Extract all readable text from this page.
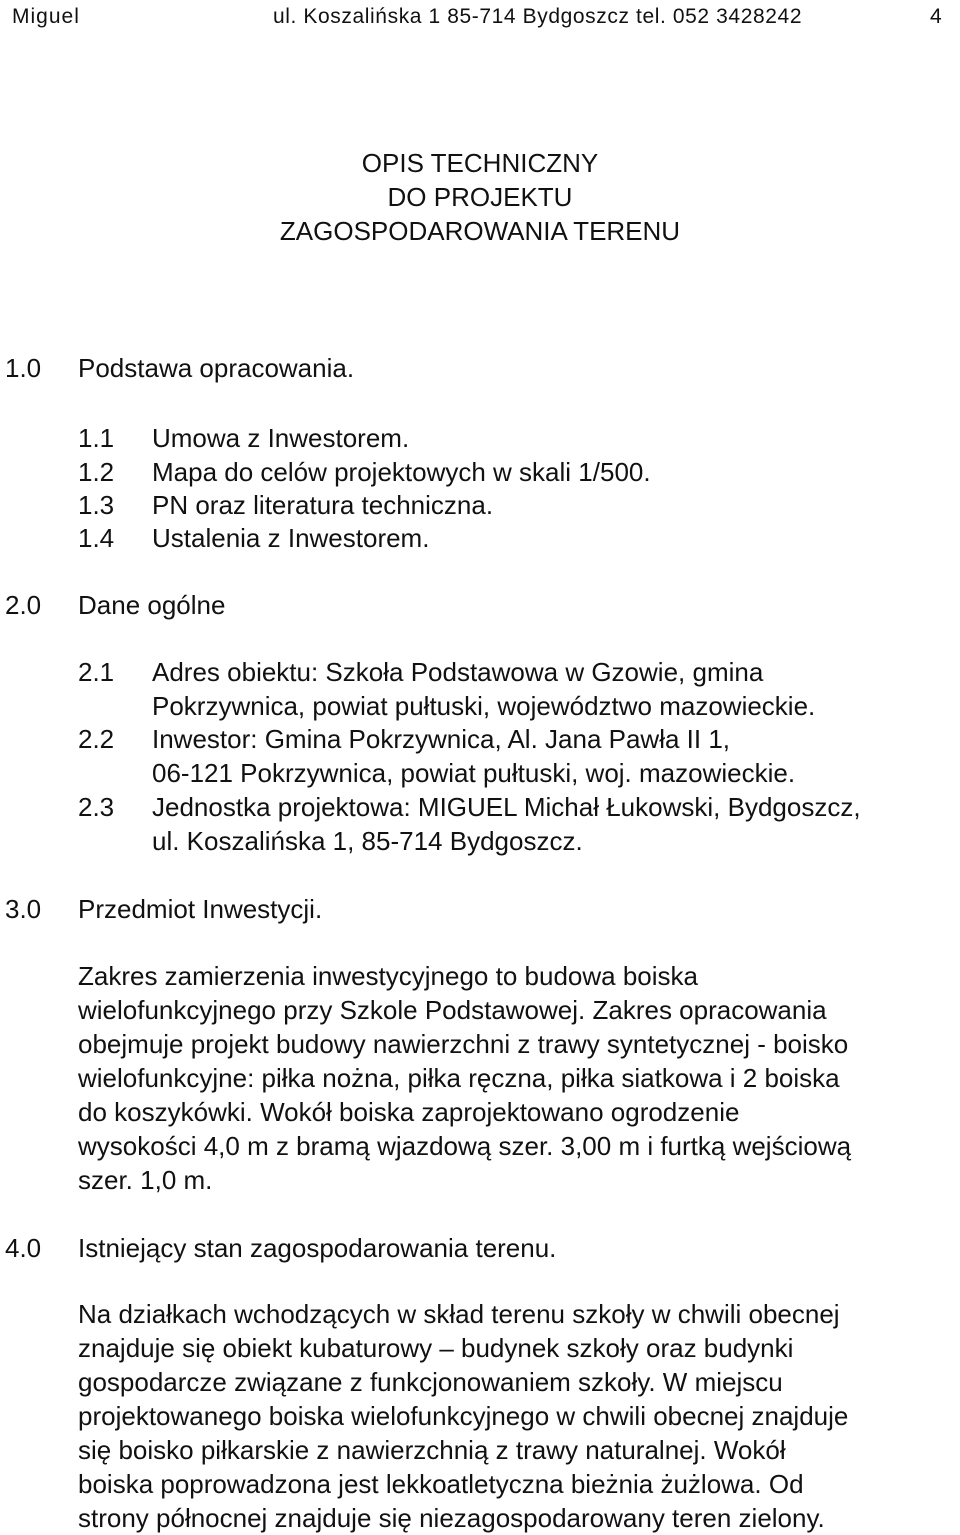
Miguel	ul. Koszalińska 1 85-714 Bydgoszcz tel. 052 3428242	4
OPIS TECHNICZNY
DO PROJEKTU
ZAGOSPODAROWANIA TERENU
1.0 Podstawa opracowania.
1.1 Umowa z Inwestorem.
1.2 Mapa do celów projektowych w skali 1/500.
1.3 PN oraz literatura techniczna.
1.4 Ustalenia z Inwestorem.
2.0 Dane ogólne
2.1 Adres obiektu: Szkoła Podstawowa w Gzowie, gmina
Pokrzywnica, powiat pułtuski, województwo mazowieckie.
2.2 Inwestor: Gmina Pokrzywnica, Al. Jana Pawła II 1,
06-121 Pokrzywnica, powiat pułtuski, woj. mazowieckie.
2.3 Jednostka projektowa: MIGUEL Michał Łukowski, Bydgoszcz,
ul. Koszalińska 1, 85-714 Bydgoszcz.
3.0 Przedmiot Inwestycji.
Zakres zamierzenia inwestycyjnego to budowa boiska
wielofunkcyjnego przy Szkole Podstawowej. Zakres opracowania
obejmuje projekt budowy nawierzchni z trawy syntetycznej - boisko
wielofunkcyjne: piłka nożna, piłka ręczna, piłka siatkowa i 2 boiska
do koszykówki. Wokół boiska zaprojektowano ogrodzenie
wysokości 4,0 m z bramą wjazdową szer. 3,00 m i furtką wejściową
szer. 1,0 m.
4.0 Istniejący stan zagospodarowania terenu.
Na działkach wchodzących w skład terenu szkoły w chwili obecnej
znajduje się obiekt kubaturowy – budynek szkoły oraz budynki
gospodarcze związane z funkcjonowaniem szkoły. W miejscu
projektowanego boiska wielofunkcyjnego w chwili obecnej znajduje
się boisko piłkarskie z nawierzchnią z trawy naturalnej. Wokół
boiska poprowadzona jest lekkoatletyczna bieżnia żużlowa. Od
strony północnej znajduje się niezagospodarowany teren zielony.
